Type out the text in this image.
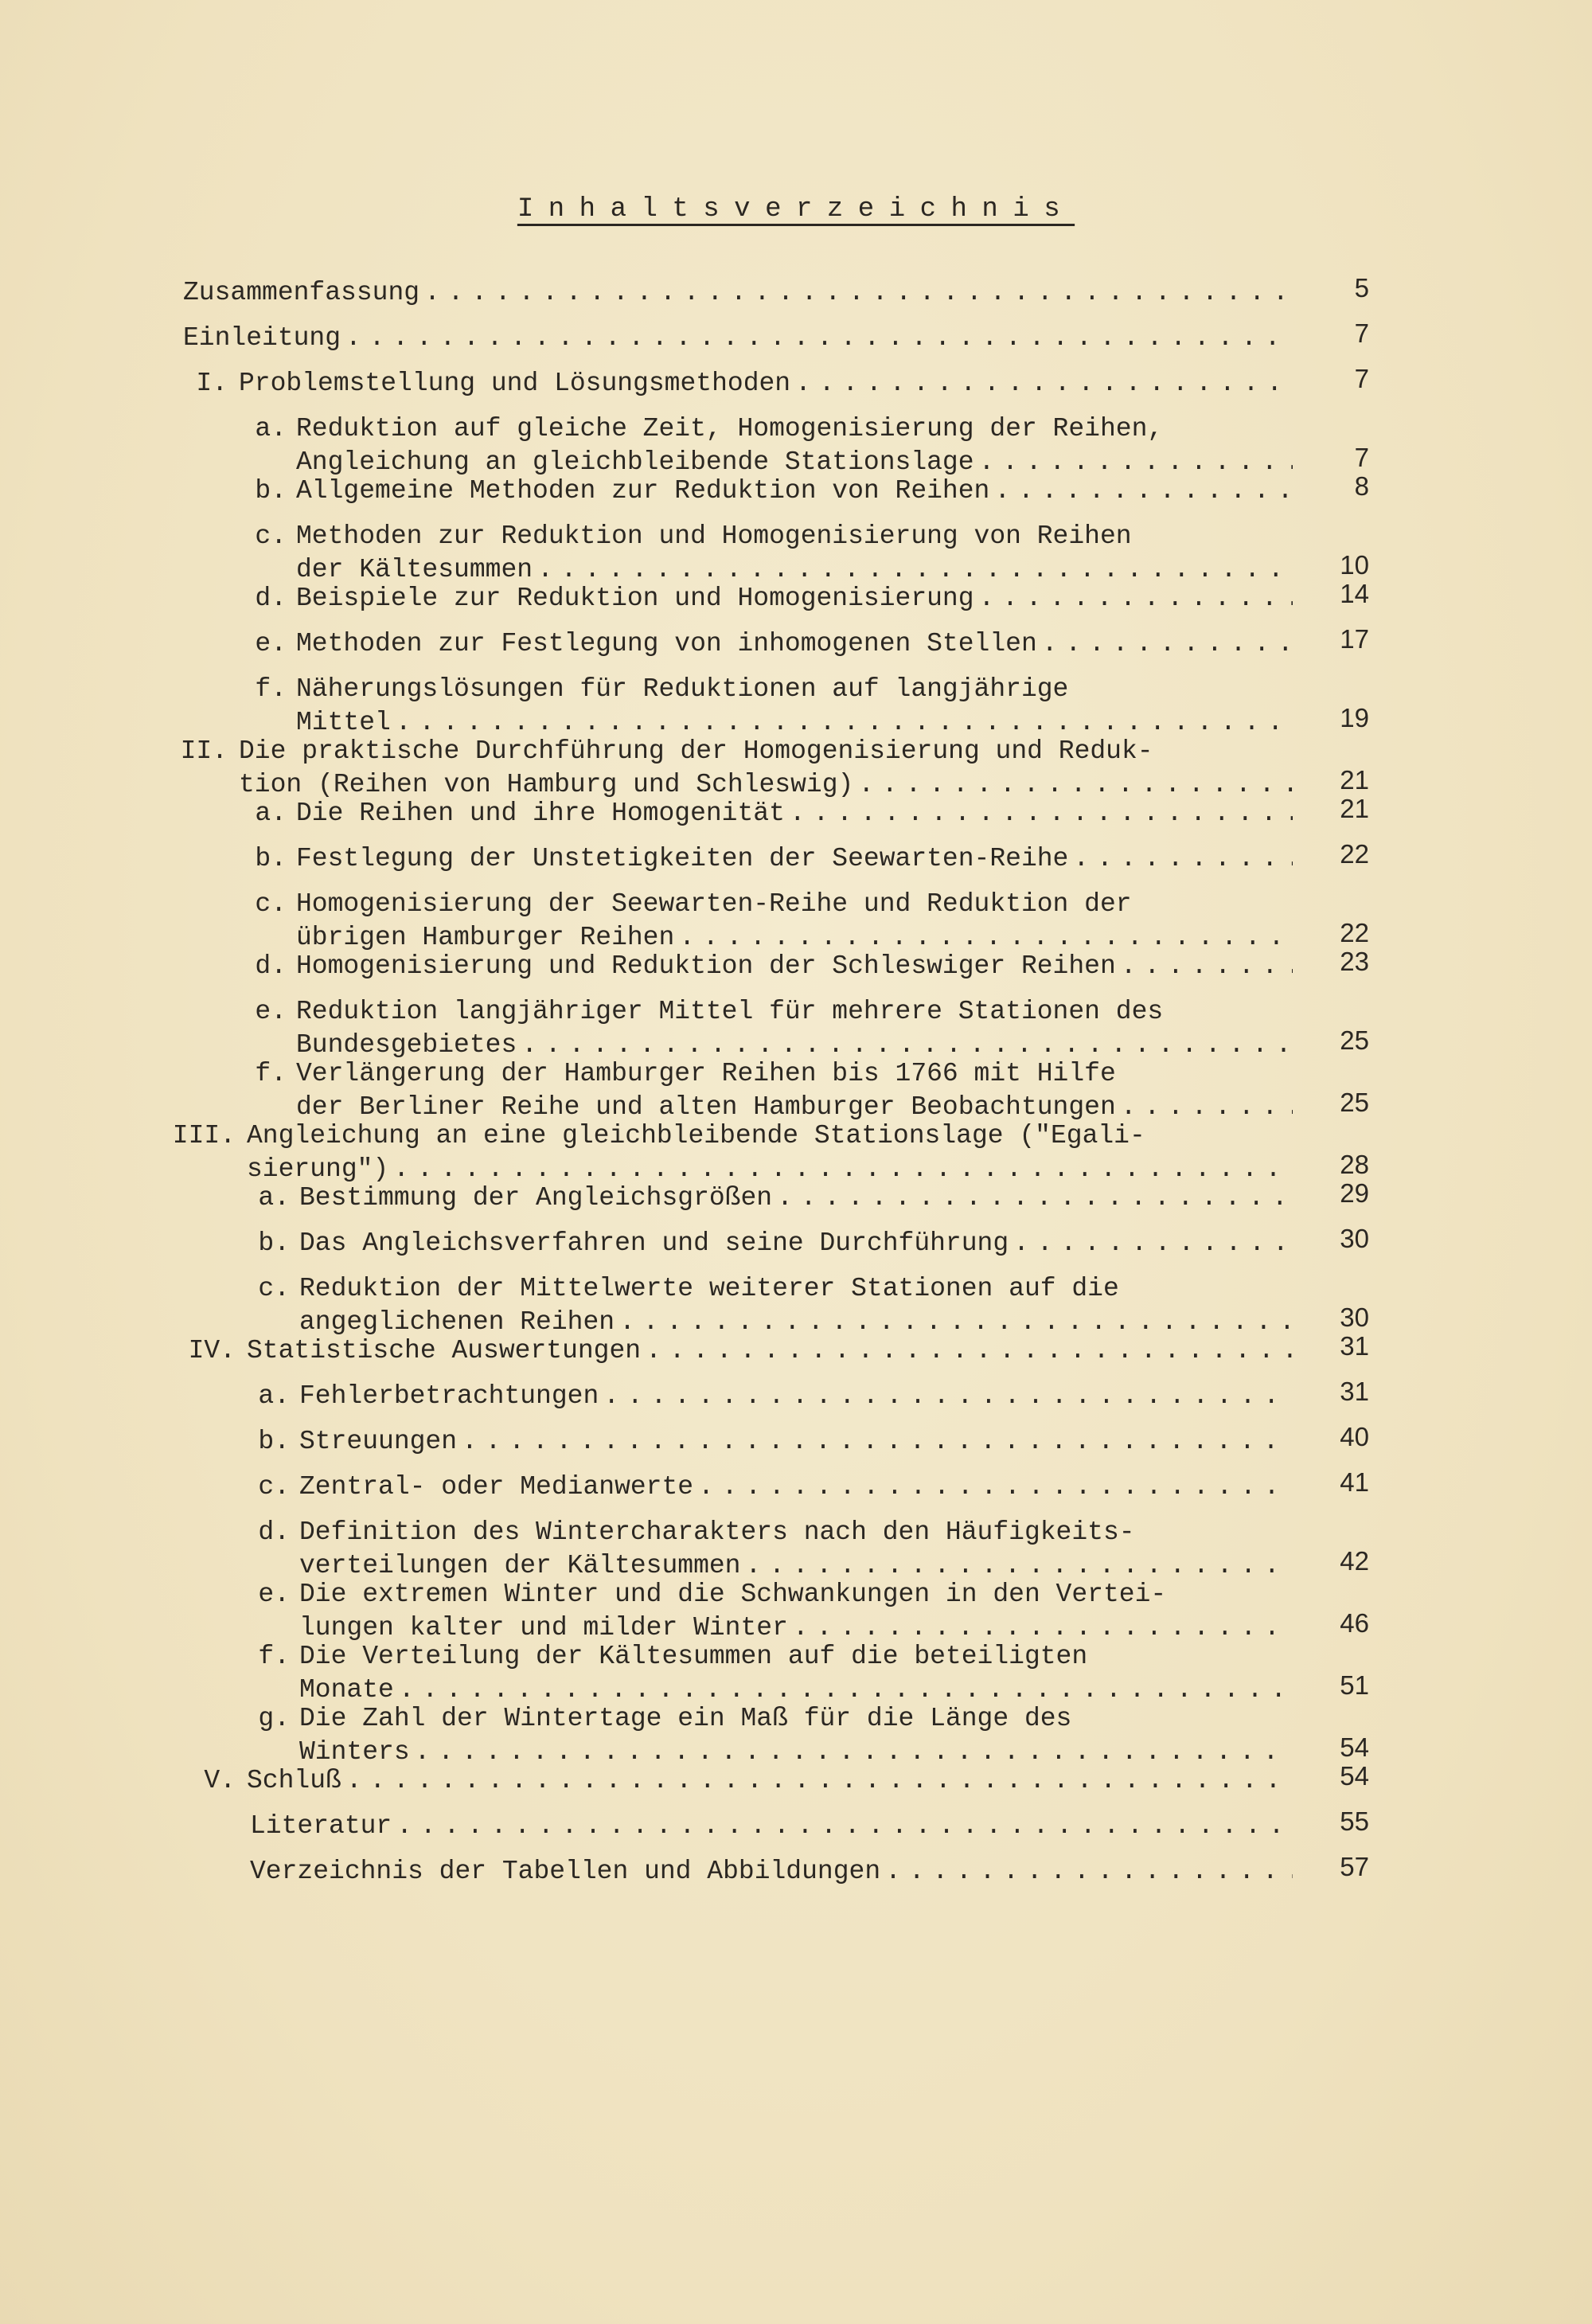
Inhaltsverzeichnis
Zusammenfassung . . .	5
Einleitung . . .	7
I. Problemstellung und Lösungsmethoden . . .	7
a. Reduktion auf gleiche Zeit, Homogenisierung der Reihen,
Angleichung an gleichbleibende Stationslage . . .	7
b. Allgemeine Methoden zur Reduktion von Reihen . . .	8
c. Methoden zur Reduktion und Homogenisierung von Reihen
der Kältesummen . . .	10
d. Beispiele zur Reduktion und Homogenisierung . . .	14
e. Methoden zur Festlegung von inhomogenen Stellen . . .	17
f. Näherungslösungen für Reduktionen auf langjährige
Mittel . . .	19
II. Die praktische Durchführung der Homogenisierung und Reduk-
tion (Reihen von Hamburg und Schleswig) . . .	21
a. Die Reihen und ihre Homogenität . . .	21
b. Festlegung der Unstetigkeiten der Seewarten-Reihe . . .	22
c. Homogenisierung der Seewarten-Reihe und Reduktion der
übrigen Hamburger Reihen . . .	22
d. Homogenisierung und Reduktion der Schleswiger Reihen . . .	23
e. Reduktion langjähriger Mittel für mehrere Stationen des
Bundesgebietes . . .	25
f. Verlängerung der Hamburger Reihen bis 1766 mit Hilfe
der Berliner Reihe und alten Hamburger Beobachtungen . . .	25
III. Angleichung an eine gleichbleibende Stationslage ("Egali-
sierung") . . .	28
a. Bestimmung der Angleichsgrößen . . .	29
b. Das Angleichsverfahren und seine Durchführung . . .	30
c. Reduktion der Mittelwerte weiterer Stationen auf die
angeglichenen Reihen . . .	30
IV. Statistische Auswertungen . . .	31
a. Fehlerbetrachtungen . . .	31
b. Streuungen . . .	40
c. Zentral- oder Medianwerte . . .	41
d. Definition des Wintercharakters nach den Häufigkeits-
verteilungen der Kältesummen . . .	42
e. Die extremen Winter und die Schwankungen in den Vertei-
lungen kalter und milder Winter . . .	46
f. Die Verteilung der Kältesummen auf die beteiligten
Monate . . .	51
g. Die Zahl der Wintertage ein Maß für die Länge des
Winters . . .	54
V. Schluß . . .	54
Literatur . . .	55
Verzeichnis der Tabellen und Abbildungen . . .	57
